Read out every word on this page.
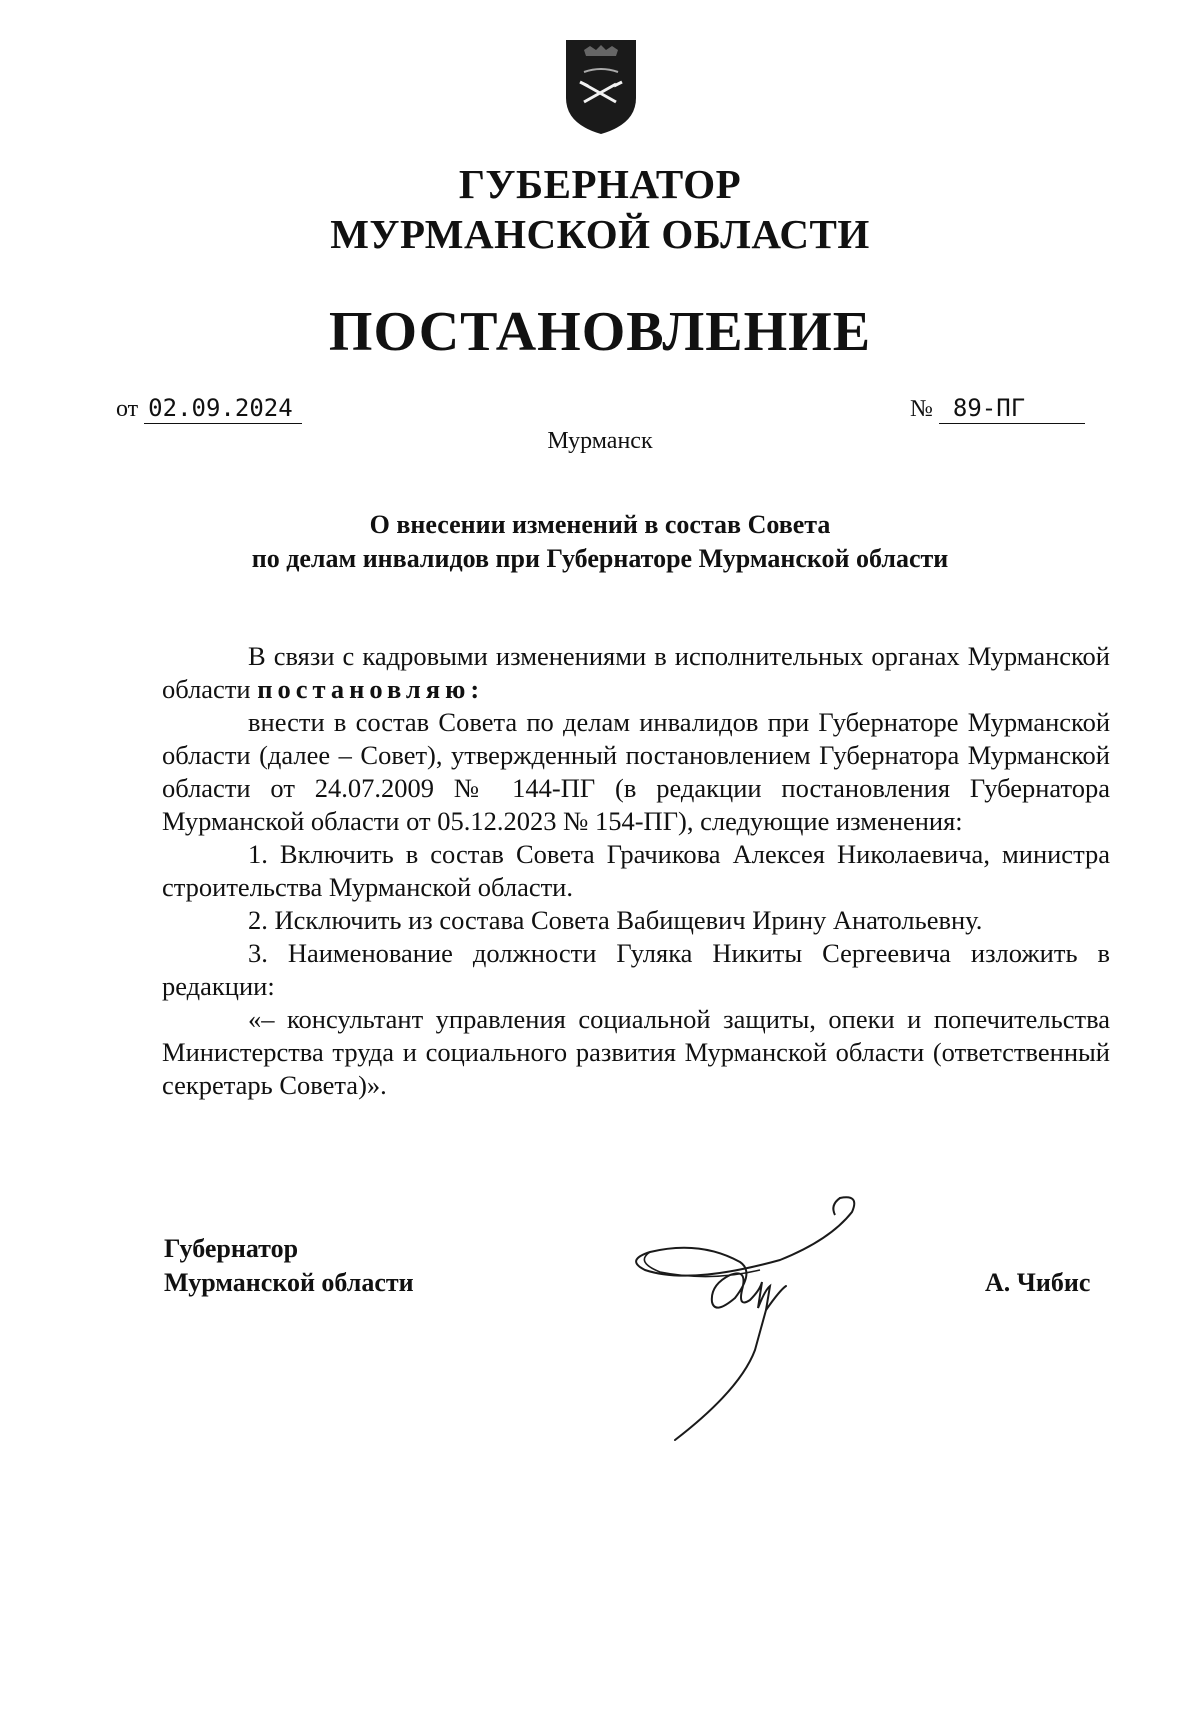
ГУБЕРНАТОР
МУРМАНСКОЙ ОБЛАСТИ
ПОСТАНОВЛЕНИЕ
от 02.09.2024	№ 89-ПГ
Мурманск
О внесении изменений в состав Совета
по делам инвалидов при Губернаторе Мурманской области

В связи с кадровыми изменениями в исполнительных органах Мурманской области постановляю:

внести в состав Совета по делам инвалидов при Губернаторе Мурманской области (далее – Совет), утвержденный постановлением Губернатора Мурманской области от 24.07.2009 № 144-ПГ (в редакции постановления Губернатора Мурманской области от 05.12.2023 № 154-ПГ), следующие изменения:

1. Включить в состав Совета Грачикова Алексея Николаевича, министра строительства Мурманской области.

2. Исключить из состава Совета Вабищевич Ирину Анатольевну.

3. Наименование должности Гуляка Никиты Сергеевича изложить в редакции:

«– консультант управления социальной защиты, опеки и попечительства Министерства труда и социального развития Мурманской области (ответственный секретарь Совета)».

Губернатор
Мурманской области	А. Чибис
